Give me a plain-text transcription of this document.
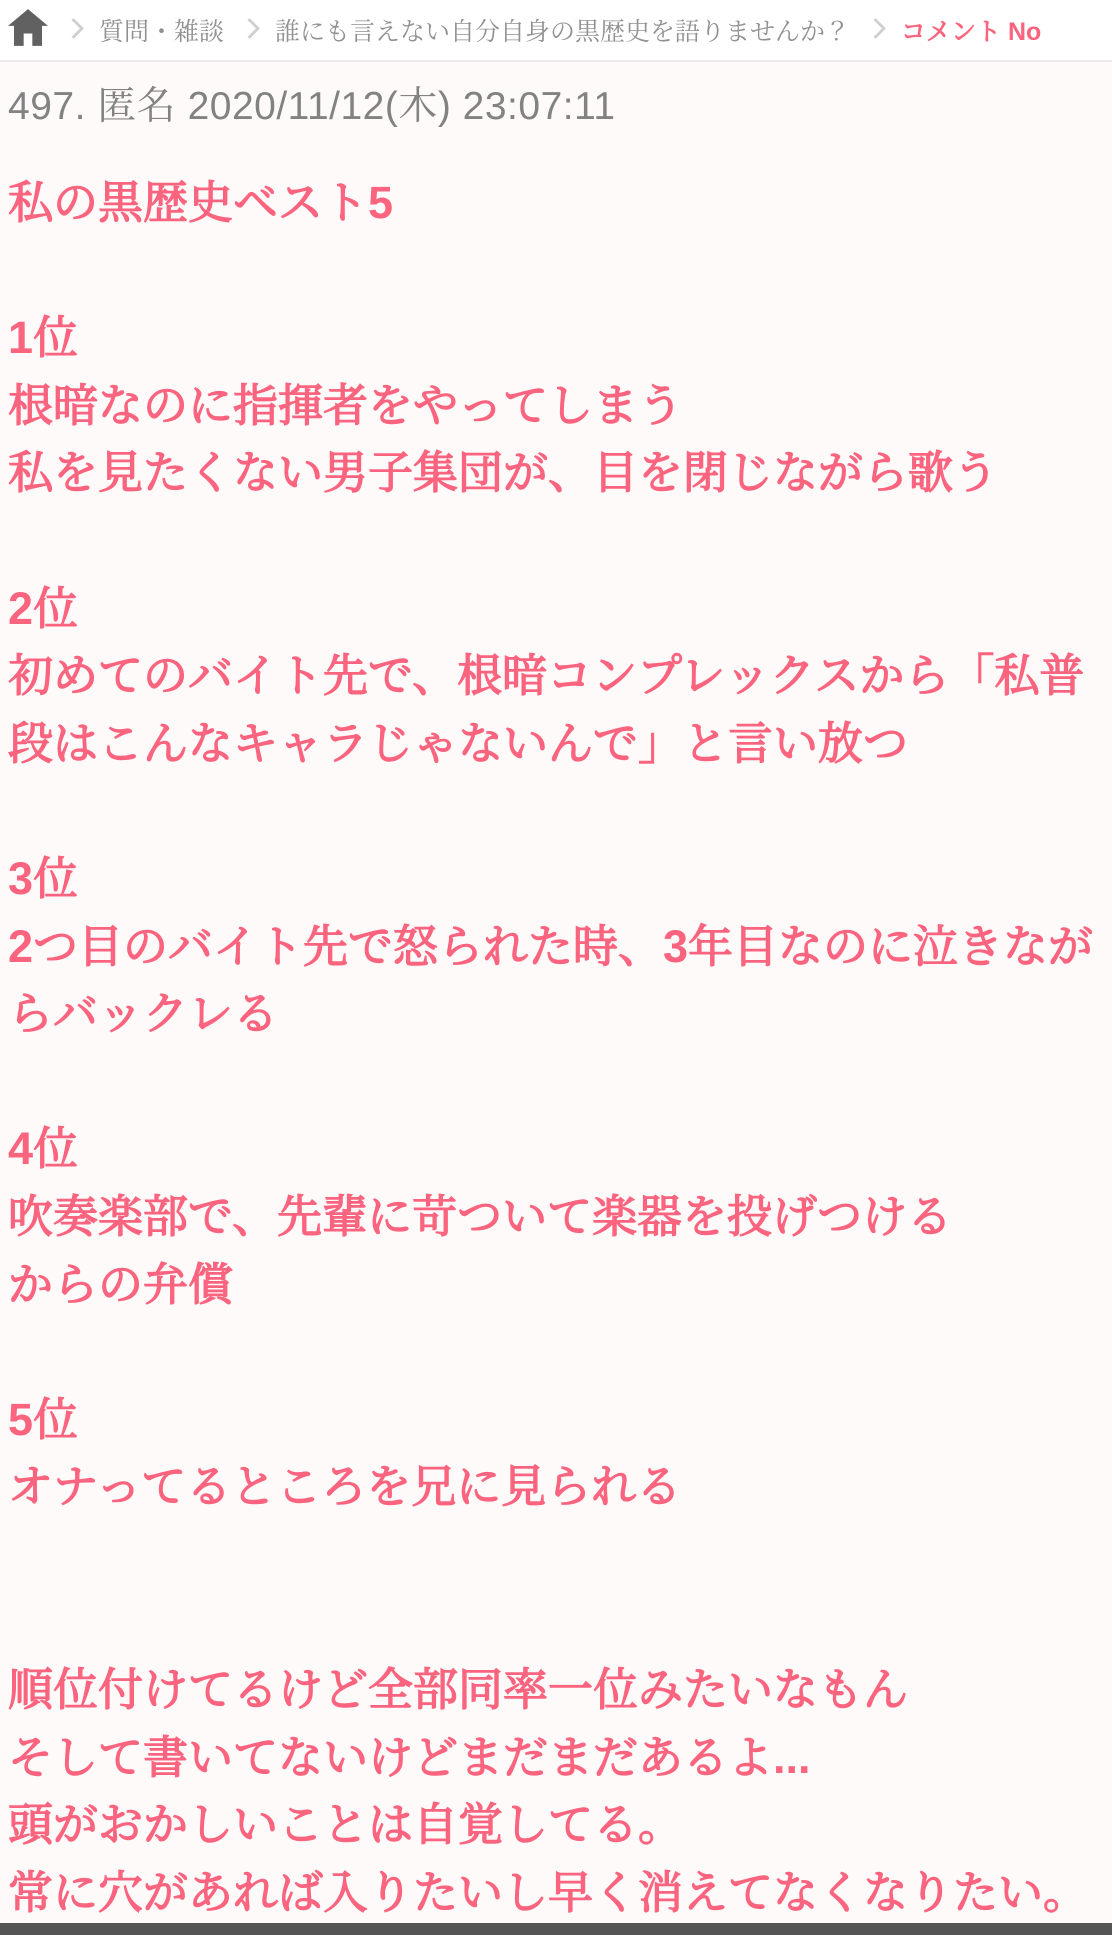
質問・雑談 誰にも言えない自分自身の黒歴史を語りませんか？ コメント No
497. 匿名 2020/11/12(木) 23:07:11
私の黒歴史ベスト5

1位
根暗なのに指揮者をやってしまう
私を見たくない男子集団が、目を閉じながら歌う

2位
初めてのバイト先で、根暗コンプレックスから「私普
段はこんなキャラじゃないんで」と言い放つ

3位
2つ目のバイト先で怒られた時、3年目なのに泣きなが
らバックレる

4位
吹奏楽部で、先輩に苛ついて楽器を投げつける
からの弁償

5位
オナってるところを兄に見られる

順位付けてるけど全部同率一位みたいなもん
そして書いてないけどまだまだあるよ...
頭がおかしいことは自覚してる。
常に穴があれば入りたいし早く消えてなくなりたい。
